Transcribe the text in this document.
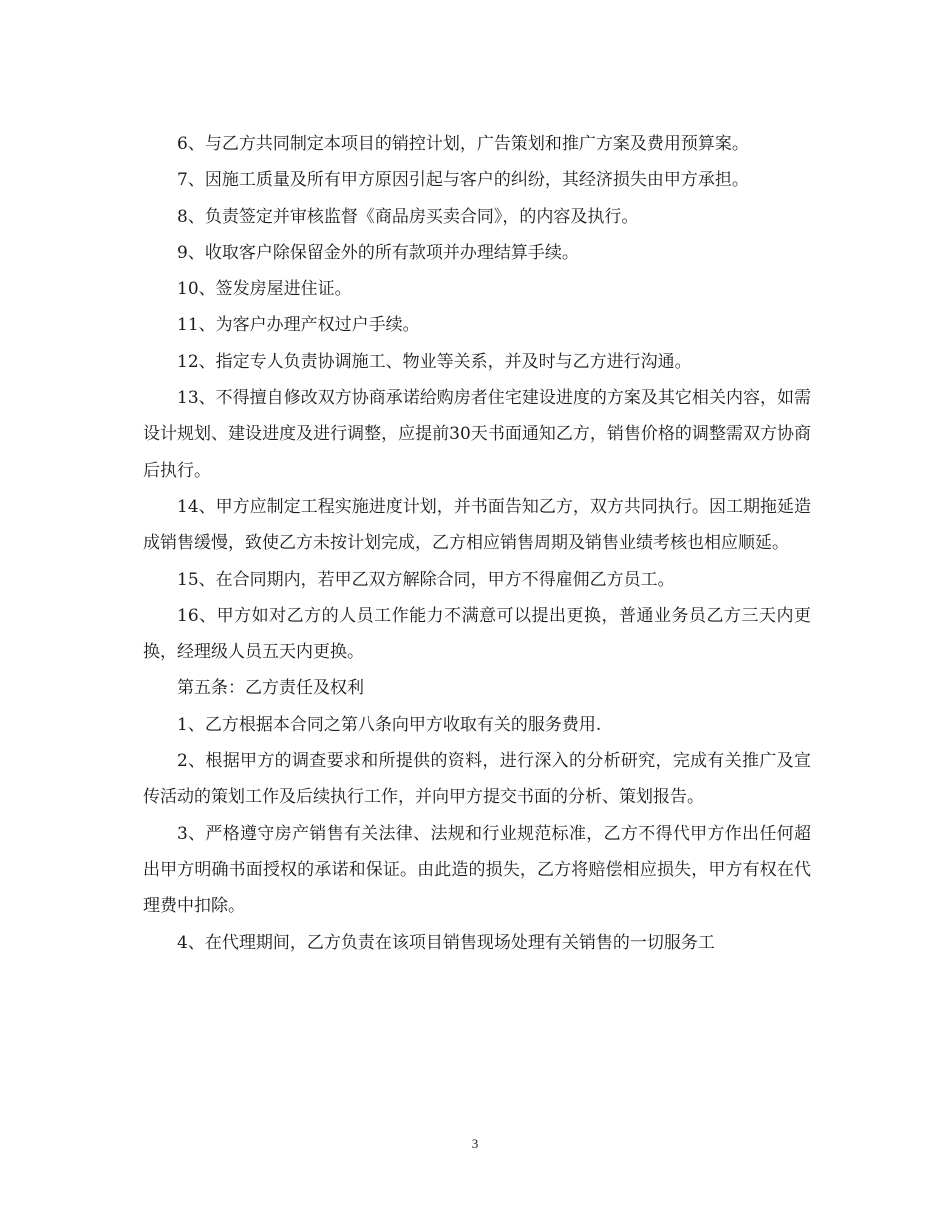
6、与乙方共同制定本项目的销控计划，广告策划和推广方案及费用预算案。

7、因施工质量及所有甲方原因引起与客户的纠纷，其经济损失由甲方承担。

8、负责签定并审核监督《商品房买卖合同》，的内容及执行。

9、收取客户除保留金外的所有款项并办理结算手续。

10、签发房屋进住证。

11、为客户办理产权过户手续。

12、指定专人负责协调施工、物业等关系，并及时与乙方进行沟通。

13、不得擅自修改双方协商承诺给购房者住宅建设进度的方案及其它相关内容，如需设计规划、建设进度及进行调整，应提前30天书面通知乙方，销售价格的调整需双方协商后执行。

14、甲方应制定工程实施进度计划，并书面告知乙方，双方共同执行。因工期拖延造成销售缓慢，致使乙方未按计划完成，乙方相应销售周期及销售业绩考核也相应顺延。

15、在合同期内，若甲乙双方解除合同，甲方不得雇佣乙方员工。

16、甲方如对乙方的人员工作能力不满意可以提出更换，普通业务员乙方三天内更换，经理级人员五天内更换。

第五条：乙方责任及权利

1、乙方根据本合同之第八条向甲方收取有关的服务费用.

2、根据甲方的调查要求和所提供的资料，进行深入的分析研究，完成有关推广及宣传活动的策划工作及后续执行工作，并向甲方提交书面的分析、策划报告。

3、严格遵守房产销售有关法律、法规和行业规范标准，乙方不得代甲方作出任何超出甲方明确书面授权的承诺和保证。由此造的损失，乙方将赔偿相应损失，甲方有权在代理费中扣除。

4、在代理期间，乙方负责在该项目销售现场处理有关销售的一切服务工

3
